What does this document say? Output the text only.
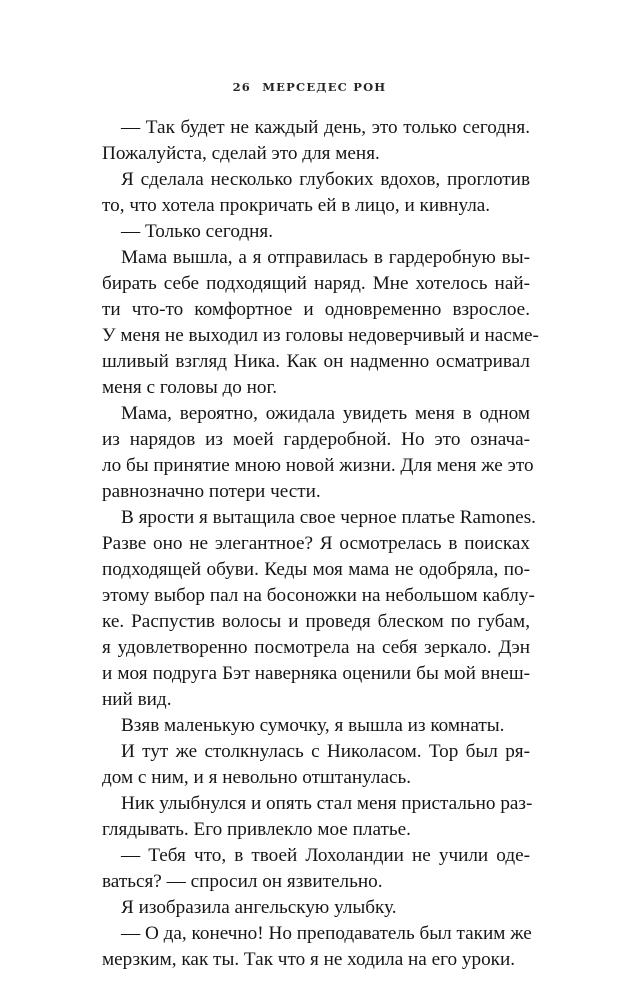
26 МЕРСЕДЕС РОН
— Так будет не каждый день, это только сегодня.
Пожалуйста, сделай это для меня.
Я сделала несколько глубоких вдохов, проглотив
то, что хотела прокричать ей в лицо, и кивнула.
— Только сегодня.
Мама вышла, а я отправилась в гардеробную вы-
бирать себе подходящий наряд. Мне хотелось най-
ти что-то комфортное и одновременно взрослое.
У меня не выходил из головы недоверчивый и насме-
шливый взгляд Ника. Как он надменно осматривал
меня с головы до ног.
Мама, вероятно, ожидала увидеть меня в одном
из нарядов из моей гардеробной. Но это означа-
ло бы принятие мною новой жизни. Для меня же это
равнозначно потери чести.
В ярости я вытащила свое черное платье Ramones.
Разве оно не элегантное? Я осмотрелась в поисках
подходящей обуви. Кеды моя мама не одобряла, по-
этому выбор пал на босоножки на небольшом каблу-
ке. Распустив волосы и проведя блеском по губам,
я удовлетворенно посмотрела на себя зеркало. Дэн
и моя подруга Бэт наверняка оценили бы мой внеш-
ний вид.
Взяв маленькую сумочку, я вышла из комнаты.
И тут же столкнулась с Николасом. Тор был ря-
дом с ним, и я невольно отштанулась.
Ник улыбнулся и опять стал меня пристально раз-
глядывать. Его привлекло мое платье.
— Тебя что, в твоей Лохоландии не учили оде-
ваться? — спросил он язвительно.
Я изобразила ангельскую улыбку.
— О да, конечно! Но преподаватель был таким же
мерзким, как ты. Так что я не ходила на его уроки.
